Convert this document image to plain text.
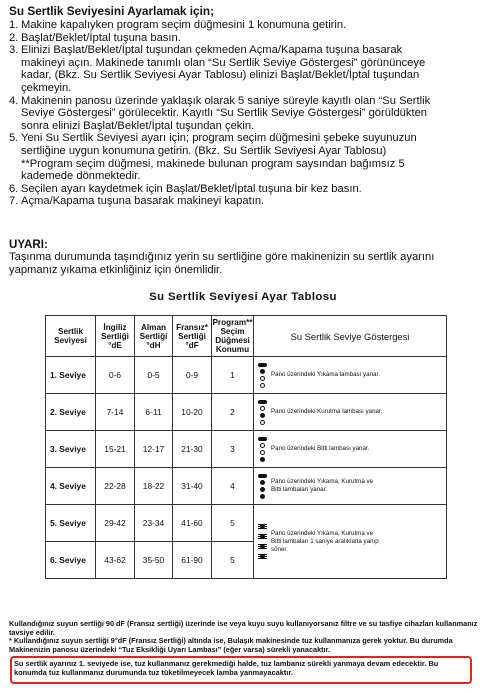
Su Sertlik Seviyesini Ayarlamak için;
1. Makine kapalıyken program seçim düğmesini 1 konumuna getirin.
2. Başlat/Beklet/İptal tuşuna basın.
3. Elinizi Başlat/Beklet/İptal tuşundan çekmeden Açma/Kapama tuşuna basarak
makineyi açın. Makinede tanımlı olan “Su Sertlik Seviye Göstergesi” görününceye
kadar, (Bkz. Su Sertlik Seviyesi Ayar Tablosu) elinizi Başlat/Beklet/İptal tuşundan
çekmeyin.
4. Makinenin panosu üzerinde yaklaşık olarak 5 saniye süreyle kayıtlı olan “Su Sertlik
Seviye Göstergesi” görülecektir. Kayıtlı “Su Sertlik Seviye Göstergesi” görüldükten
sonra elinizi Başlat/Beklet/İptal tuşundan çekin.
5. Yeni Su Sertlik Seviyesi ayarı için; program seçim düğmesini şebeke suyunuzun
sertliğine uygun konumuna getirin. (Bkz. Su Sertlik Seviyesi Ayar Tablosu)
**Program seçim düğmesi, makinede bulunan program saysından bağımsız 5
kademede dönmektedir.
6. Seçilen ayarı kaydetmek için Başlat/Beklet/İptal tuşuna bir kez basın.
7. Açma/Kapama tuşuna basarak makineyi kapatın.
UYARI:
Taşınma durumunda taşındığınız yerin su sertliğine göre makinenizin su sertlik ayarını
yapmanız yıkama etkinliğiniz için önemlidir.
Su Sertlik Seviyesi Ayar Tablosu
Sertlik
Seviyesi	İngiliz
Sertliği
°dE	Alman
Sertliği
°dH	Fransız*
Sertliği
°dF	Program**
Seçim
Düğmesi
Konumu	Su Sertlik Seviye Göstergesi
1. Seviye	0-6	0-5	0-9	1	Pano üzerindeki Yıkama lambası yanar.

2. Seviye	7-14	6-11	10-20	2	Pano üzerindeki Kurutma lambası yanar.

3. Seviye	15-21	12-17	21-30	3	Pano üzerindeki Bitti lambası yanar.

4. Seviye	22-28	18-22	31-40	4	Pano üzerindeki Yıkama, Kurutma ve
Bitti lambaları yanar.

5. Seviye	29-42	23-34	41-60	5	Pano üzerindeki Yıkama, Kurutma ve
Bitti lambaları 1 saniye aralıklarla yanıp
söner.

6. Seviye	43-62	35-50	61-90	5	

Kullandığınız suyun sertliği 90 dF (Fransız sertliği) üzerinde ise veya kuyu suyu kullanıyorsanız filtre ve su tasfiye cihazları kullanmanız tavsiye edilir.

* Kullandığınız suyun sertliği 9°dF (Fransız Sertliği) altında ise, Bulaşık makinesinde tuz kullanmanıza gerek yoktur. Bu durumda Makinenizin panosu üzerindeki “Tuz Eksikliği Uyarı Lambası” (eğer varsa) sürekli yanacaktır.

Su sertlik ayarınız 1. seviyede ise, tuz kullanmanız gerekmediği halde, tuz lambanız sürekli yanmaya devam edecektir. Bu konumda tuz kullanmanız durumunda tuz tüketilmeyecek lamba yanmayacaktır.
